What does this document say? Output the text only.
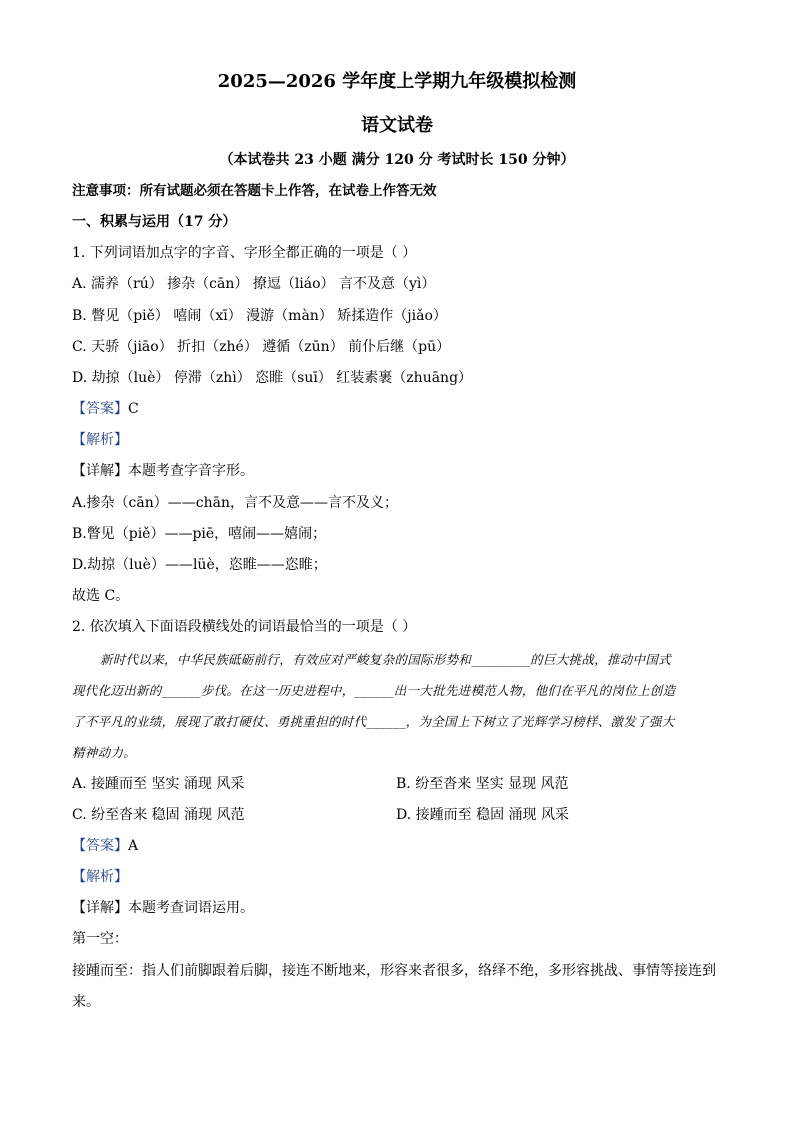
2025—2026 学年度上学期九年级模拟检测
语文试卷
（本试卷共 23 小题 满分 120 分 考试时长 150 分钟）
注意事项：所有试题必须在答题卡上作答，在试卷上作答无效
一、积累与运用（17 分）
1. 下列词语加点字的字音、字形全都正确的一项是（ ）
A. 濡养（rú） 掺杂（cān） 撩逗（liáo） 言不及意（yì）
B. 瞥见（piě） 嘻闹（xī） 漫游（màn） 矫揉造作（jiǎo）
C. 天骄（jiāo） 折扣（zhé） 遵循（zūn） 前仆后继（pū）
D. 劫掠（luè） 停滞（zhì） 恣睢（suī） 红装素裹（zhuāng）
【答案】C
【解析】
【详解】本题考查字音字形。
A.掺杂（cān）——chān，言不及意——言不及义；
B.瞥见（piě）——piē，嘻闹——嬉闹；
D.劫掠（luè）——lüè，恣睢——恣睢；
故选 C。
2. 依次填入下面语段横线处的词语最恰当的一项是（ ）
新时代以来，中华民族砥砺前行，有效应对严峻复杂的国际形势和_________的巨大挑战，推动中国式
现代化迈出新的______步伐。在这一历史进程中，______出一大批先进模范人物，他们在平凡的岗位上创造
了不平凡的业绩，展现了敢打硬仗、勇挑重担的时代______，为全国上下树立了光辉学习榜样、激发了强大
精神动力。
A. 接踵而至 坚实 涌现 风采	B. 纷至沓来 坚实 显现 风范
C. 纷至沓来 稳固 涌现 风范	D. 接踵而至 稳固 涌现 风采
【答案】A
【解析】
【详解】本题考查词语运用。
第一空：
接踵而至：指人们前脚跟着后脚，接连不断地来，形容来者很多，络绎不绝，多形容挑战、事情等接连到
来。
